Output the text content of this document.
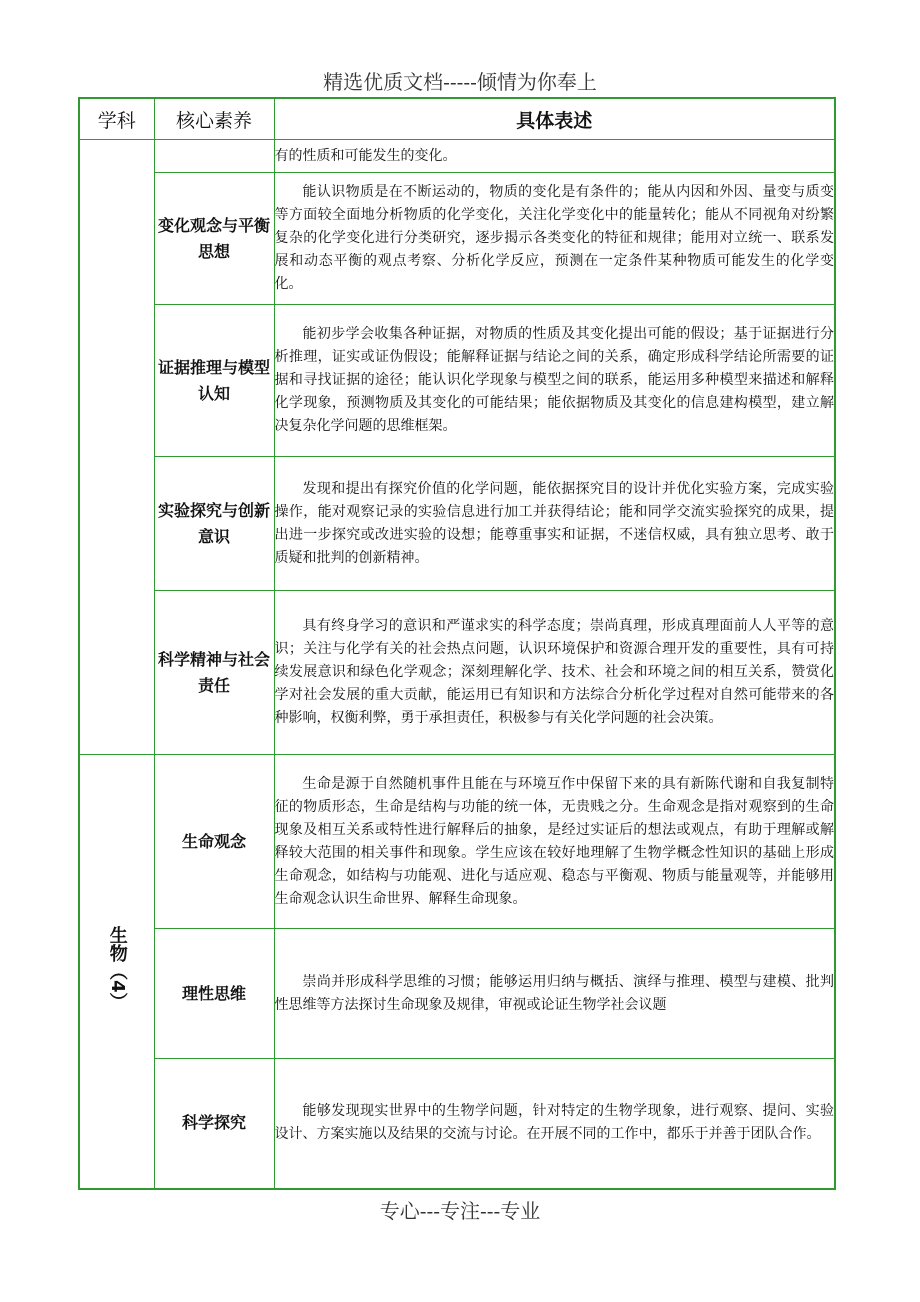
精选优质文档-----倾情为你奉上
学科	核心素养	具体表述

		有的性质和可能发生的变化。

	变化观念与平衡思想	能认识物质是在不断运动的，物质的变化是有条件的；能从内因和外因、量变与质变等方面较全面地分析物质的化学变化，关注化学变化中的能量转化；能从不同视角对纷繁复杂的化学变化进行分类研究，逐步揭示各类变化的特征和规律；能用对立统一、联系发展和动态平衡的观点考察、分析化学反应，预测在一定条件某种物质可能发生的化学变化。

	证据推理与模型认知	能初步学会收集各种证据，对物质的性质及其变化提出可能的假设；基于证据进行分析推理，证实或证伪假设；能解释证据与结论之间的关系，确定形成科学结论所需要的证据和寻找证据的途径；能认识化学现象与模型之间的联系，能运用多种模型来描述和解释化学现象，预测物质及其变化的可能结果；能依据物质及其变化的信息建构模型，建立解决复杂化学问题的思维框架。

	实验探究与创新意识	发现和提出有探究价值的化学问题，能依据探究目的设计并优化实验方案，完成实验操作，能对观察记录的实验信息进行加工并获得结论；能和同学交流实验探究的成果，提出进一步探究或改进实验的设想；能尊重事实和证据，不迷信权威，具有独立思考、敢于质疑和批判的创新精神。

	科学精神与社会责任	具有终身学习的意识和严谨求实的科学态度；崇尚真理，形成真理面前人人平等的意识；关注与化学有关的社会热点问题，认识环境保护和资源合理开发的重要性，具有可持续发展意识和绿色化学观念；深刻理解化学、技术、社会和环境之间的相互关系，赞赏化学对社会发展的重大贡献，能运用已有知识和方法综合分析化学过程对自然可能带来的各种影响，权衡利弊，勇于承担责任，积极参与有关化学问题的社会决策。

生物（4）	生命观念	生命是源于自然随机事件且能在与环境互作中保留下来的具有新陈代谢和自我复制特征的物质形态，生命是结构与功能的统一体，无贵贱之分。生命观念是指对观察到的生命现象及相互关系或特性进行解释后的抽象，是经过实证后的想法或观点，有助于理解或解释较大范围的相关事件和现象。学生应该在较好地理解了生物学概念性知识的基础上形成生命观念，如结构与功能观、进化与适应观、稳态与平衡观、物质与能量观等，并能够用生命观念认识生命世界、解释生命现象。

	理性思维	崇尚并形成科学思维的习惯；能够运用归纳与概括、演绎与推理、模型与建模、批判性思维等方法探讨生命现象及规律，审视或论证生物学社会议题

	科学探究	能够发现现实世界中的生物学问题，针对特定的生物学现象，进行观察、提问、实验设计、方案实施以及结果的交流与讨论。在开展不同的工作中，都乐于并善于团队合作。

专心---专注---专业
